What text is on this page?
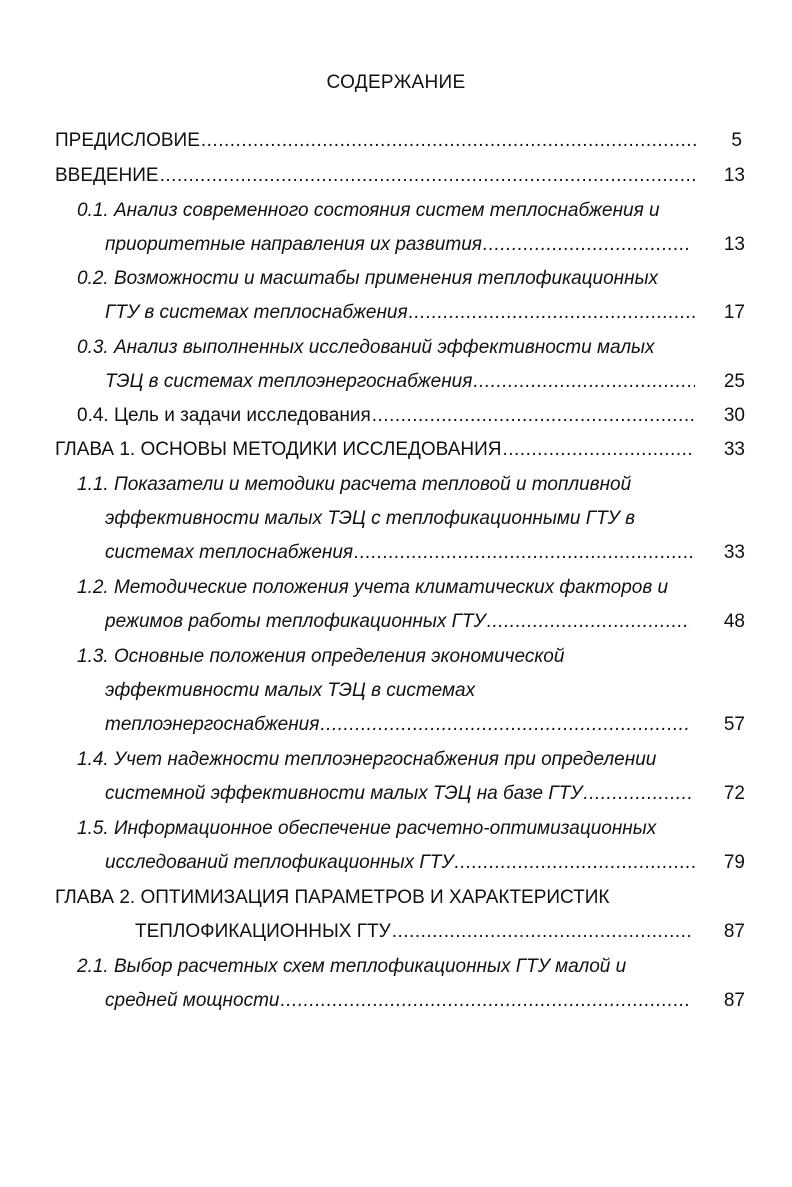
СОДЕРЖАНИЕ
ПРЕДИСЛОВИЕ .....	5
ВВЕДЕНИЕ .....	13
0.1. Анализ современного состояния систем теплоснабжения и
приоритетные направления их развития .....	13
0.2. Возможности и масштабы применения теплофикационных
ГТУ в системах теплоснабжения .....	17
0.3. Анализ выполненных исследований эффективности малых
ТЭЦ в системах теплоэнергоснабжения .....	25
0.4. Цель и задачи исследования .....	30
ГЛАВА 1. ОСНОВЫ МЕТОДИКИ ИССЛЕДОВАНИЯ .....	33
1.1. Показатели и методики расчета тепловой и топливной
эффективности малых ТЭЦ с теплофикационными ГТУ в
системах теплоснабжения .....	33
1.2. Методические положения учета климатических факторов и
режимов работы теплофикационных ГТУ .....	48
1.3. Основные положения определения экономической
эффективности малых ТЭЦ в системах
теплоэнергоснабжения .....	57
1.4. Учет надежности теплоэнергоснабжения при определении
системной эффективности малых ТЭЦ на базе ГТУ .....	72
1.5. Информационное обеспечение расчетно-оптимизационных
исследований теплофикационных ГТУ .....	79
ГЛАВА 2. ОПТИМИЗАЦИЯ ПАРАМЕТРОВ И ХАРАКТЕРИСТИК
ТЕПЛОФИКАЦИОННЫХ ГТУ .....	87
2.1. Выбор расчетных схем теплофикационных ГТУ малой и
средней мощности .....	87
